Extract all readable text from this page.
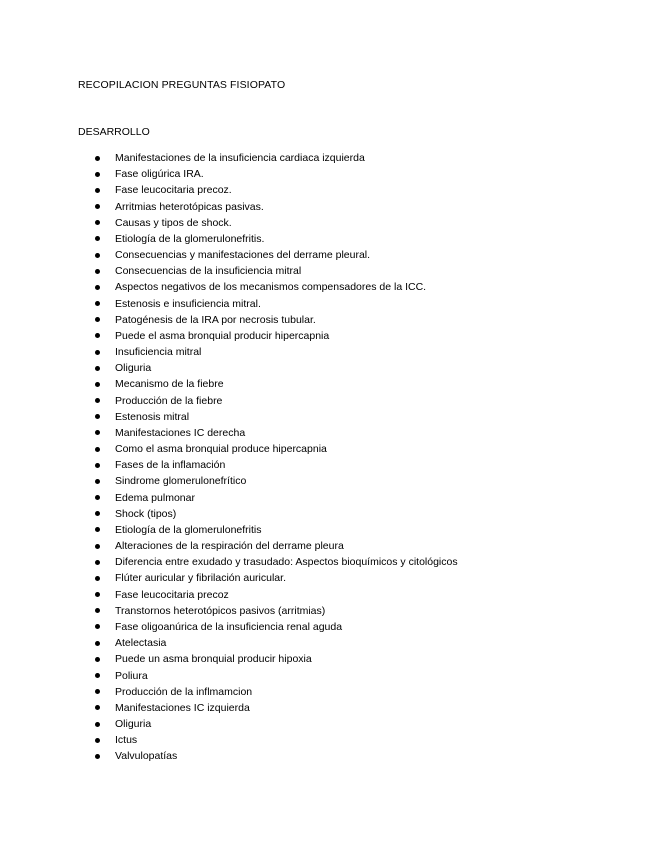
RECOPILACION PREGUNTAS FISIOPATO
DESARROLLO
Manifestaciones de la insuficiencia cardiaca izquierda
Fase oligúrica IRA.
Fase leucocitaria precoz.
Arritmias heterotópicas pasivas.
Causas y tipos de shock.
Etiología de la glomerulonefritis.
Consecuencias y manifestaciones del derrame pleural.
Consecuencias de la insuficiencia mitral
Aspectos negativos de los mecanismos compensadores de la ICC.
Estenosis e insuficiencia mitral.
Patogénesis de la IRA por necrosis tubular.
Puede el asma bronquial producir hipercapnia
Insuficiencia mitral
Oliguria
Mecanismo de la fiebre
Producción de la fiebre
Estenosis mitral
Manifestaciones IC derecha
Como el asma bronquial produce hipercapnia
Fases de la inflamación
Sindrome glomerulonefrítico
Edema pulmonar
Shock (tipos)
Etiología de la glomerulonefritis
Alteraciones de la respiración del derrame pleura
Diferencia entre exudado y trasudado: Aspectos bioquímicos y citológicos
Flúter auricular y fibrilación auricular.
Fase leucocitaria precoz
Transtornos heterotópicos pasivos (arritmias)
Fase oligoanúrica de la insuficiencia renal aguda
Atelectasia
Puede un asma bronquial producir hipoxia
Poliura
Producción de la inflmamcion
Manifestaciones IC izquierda
Oliguria
Ictus
Valvulopatías
